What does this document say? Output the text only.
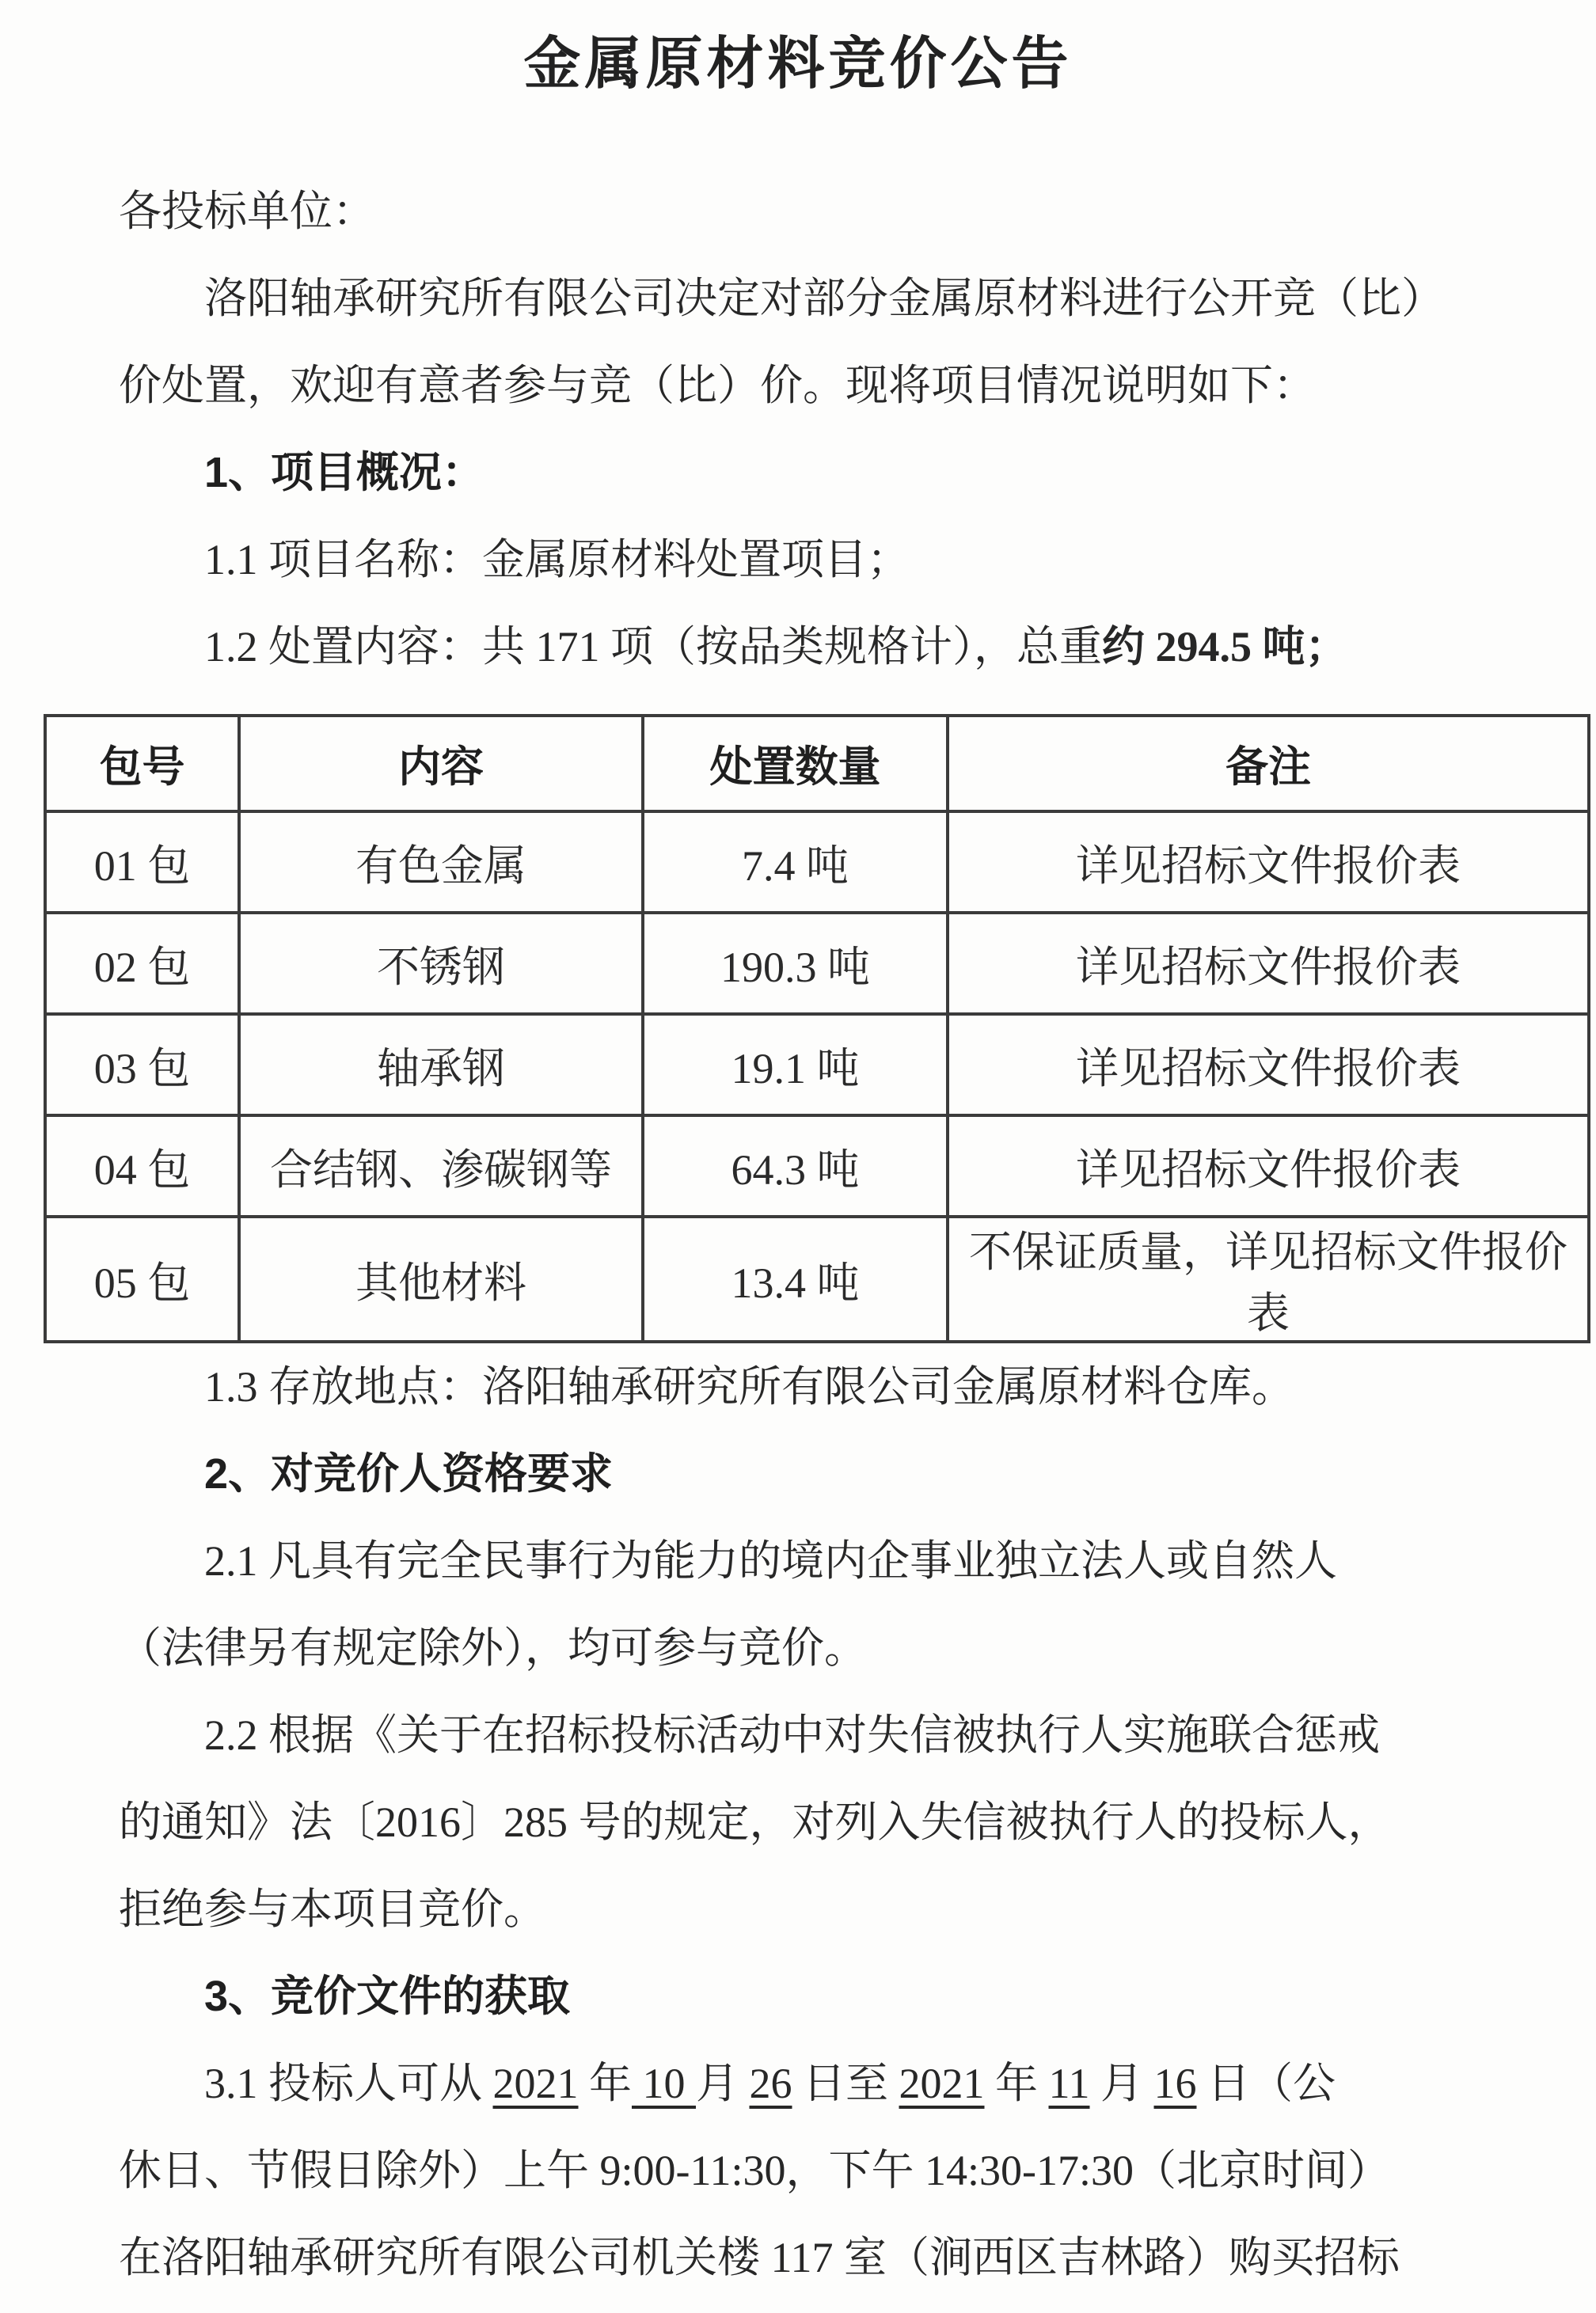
金属原材料竞价公告
各投标单位：
洛阳轴承研究所有限公司决定对部分金属原材料进行公开竞（比）
价处置，欢迎有意者参与竞（比）价。现将项目情况说明如下：
1、项目概况：
1.1 项目名称：金属原材料处置项目；
1.2 处置内容：共 171 项（按品类规格计），总重约 294.5 吨；
包号	内容	处置数量	备注
01 包	有色金属	7.4 吨	详见招标文件报价表
02 包	不锈钢	190.3 吨	详见招标文件报价表
03 包	轴承钢	19.1 吨	详见招标文件报价表
04 包	合结钢、渗碳钢等	64.3 吨	详见招标文件报价表
05 包	其他材料	13.4 吨	不保证质量，详见招标文件报价表
1.3 存放地点：洛阳轴承研究所有限公司金属原材料仓库。
2、对竞价人资格要求
2.1 凡具有完全民事行为能力的境内企事业独立法人或自然人
（法律另有规定除外），均可参与竞价。
2.2 根据《关于在招标投标活动中对失信被执行人实施联合惩戒
的通知》法〔2016〕285 号的规定，对列入失信被执行人的投标人，
拒绝参与本项目竞价。
3、竞价文件的获取
3.1 投标人可从 2021 年 10 月 26 日至 2021 年 11 月 16 日（公
休日、节假日除外）上午 9:00-11:30，下午 14:30-17:30（北京时间）
在洛阳轴承研究所有限公司机关楼 117 室（涧西区吉林路）购买招标
